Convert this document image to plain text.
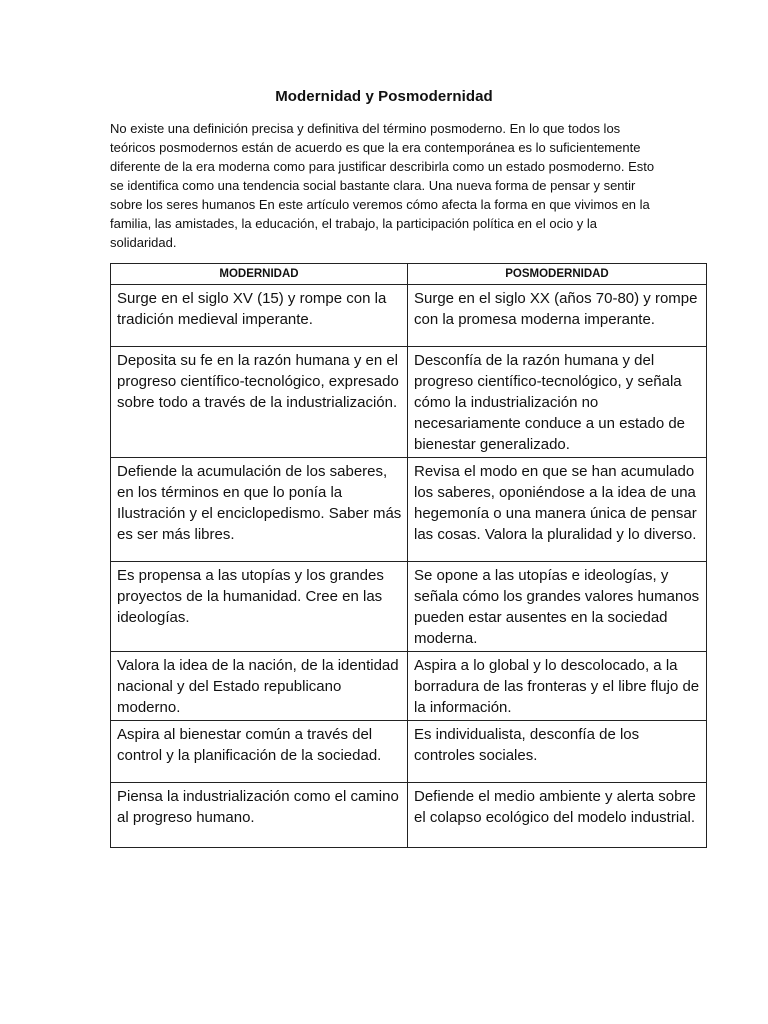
Modernidad y Posmodernidad

No existe una definición precisa y definitiva del término posmoderno. En lo que todos los teóricos posmodernos están de acuerdo es que la era contemporánea es lo suficientemente diferente de la era moderna como para justificar describirla como un estado posmoderno. Esto se identifica como una tendencia social bastante clara. Una nueva forma de pensar y sentir sobre los seres humanos En este artículo veremos cómo afecta la forma en que vivimos en la familia, las amistades, la educación, el trabajo, la participación política en el ocio y la solidaridad.

MODERNIDAD	POSMODERNIDAD
Surge en el siglo XV (15) y rompe con la tradición medieval imperante.	Surge en el siglo XX (años 70-80) y rompe con la promesa moderna imperante.
Deposita su fe en la razón humana y en el progreso científico-tecnológico, expresado sobre todo a través de la industrialización.	Desconfía de la razón humana y del progreso científico-tecnológico, y señala cómo la industrialización no necesariamente conduce a un estado de bienestar generalizado.
Defiende la acumulación de los saberes, en los términos en que lo ponía la Ilustración y el enciclopedismo. Saber más es ser más libres.	Revisa el modo en que se han acumulado los saberes, oponiéndose a la idea de una hegemonía o una manera única de pensar las cosas. Valora la pluralidad y lo diverso.
Es propensa a las utopías y los grandes proyectos de la humanidad. Cree en las ideologías.	Se opone a las utopías e ideologías, y señala cómo los grandes valores humanos pueden estar ausentes en la sociedad moderna.
Valora la idea de la nación, de la identidad nacional y del Estado republicano moderno.	Aspira a lo global y lo descolocado, a la borradura de las fronteras y el libre flujo de la información.
Aspira al bienestar común a través del control y la planificación de la sociedad.	Es individualista, desconfía de los controles sociales.
Piensa la industrialización como el camino al progreso humano.	Defiende el medio ambiente y alerta sobre el colapso ecológico del modelo industrial.
